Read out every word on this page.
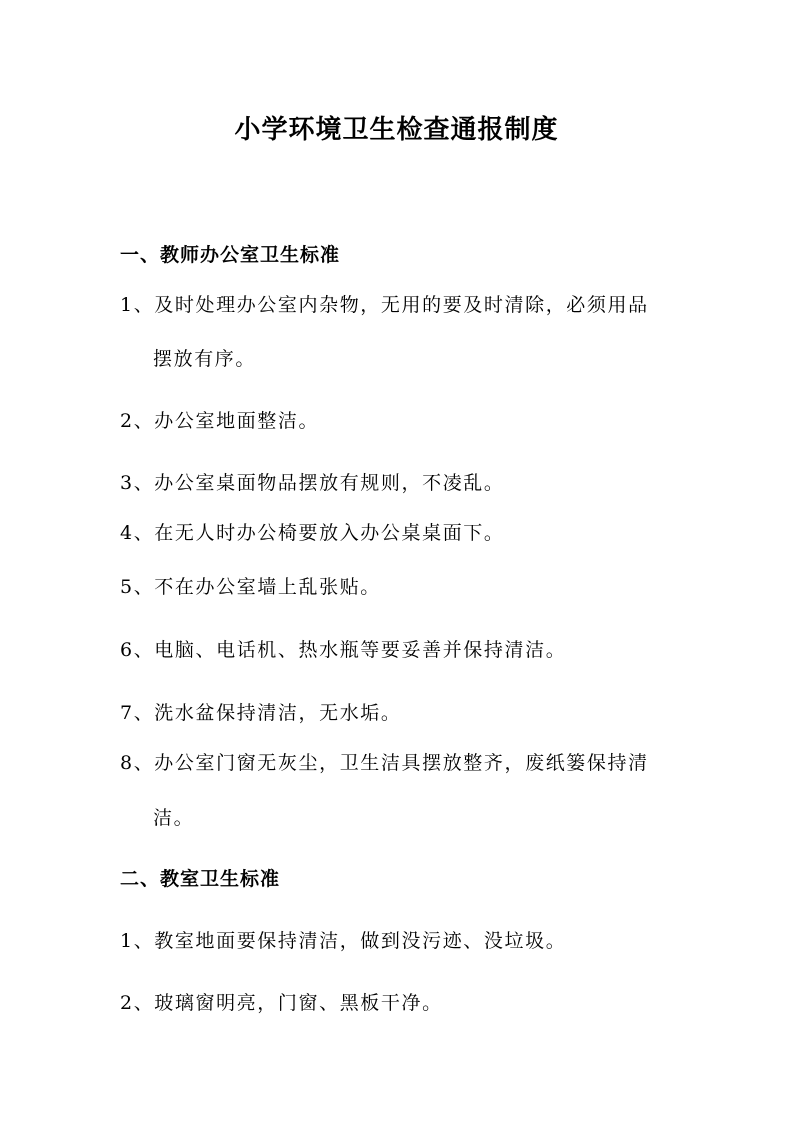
小学环境卫生检查通报制度
一、教师办公室卫生标准
1、及时处理办公室内杂物，无用的要及时清除，必须用品
摆放有序。
2、办公室地面整洁。
3、办公室桌面物品摆放有规则，不凌乱。
4、在无人时办公椅要放入办公桌桌面下。
5、不在办公室墙上乱张贴。
6、电脑、电话机、热水瓶等要妥善并保持清洁。
7、洗水盆保持清洁，无水垢。
8、办公室门窗无灰尘，卫生洁具摆放整齐，废纸篓保持清
洁。
二、教室卫生标准
1、教室地面要保持清洁，做到没污迹、没垃圾。
2、玻璃窗明亮，门窗、黑板干净。
